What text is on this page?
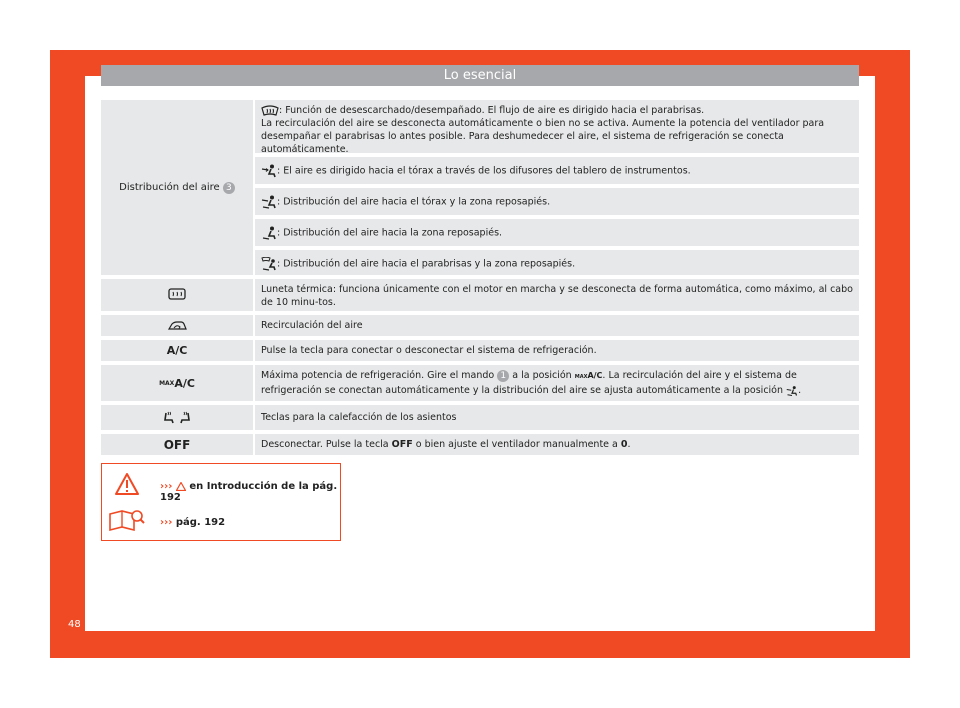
Lo esencial
Distribución del aire
3
: Función de desescarchado/desempañado. El flujo de aire es dirigido hacia el parabrisas.
La recirculación del aire se desconecta automáticamente o bien no se activa. Aumente la potencia del ventilador para desempañar el parabrisas lo antes posible. Para deshumedecer el aire, el sistema de refrigeración se conecta automáticamente.
: El aire es dirigido hacia el tórax a través de los difusores del tablero de instrumentos.
: Distribución del aire hacia el tórax y la zona reposapiés.
: Distribución del aire hacia la zona reposapiés.
: Distribución del aire hacia el parabrisas y la zona reposapiés.
Luneta térmica: funciona únicamente con el motor en marcha y se desconecta de forma automática, como máximo, al cabo de 10 minu-tos.
Recirculación del aire
A/C	Pulse la tecla para conectar o desconectar el sistema de refrigeración.
MAX A/C
Máxima potencia de refrigeración. Gire el mando 1 a la posición MAXA/C. La recirculación del aire y el sistema de refrigeración se conectan automáticamente y la distribución del aire se ajusta automáticamente a la posición .
Teclas para la calefacción de los asientos
OFF	Desconectar. Pulse la tecla OFF o bien ajuste el ventilador manualmente a 0.
››› en Introducción de la pág. 192
››› pág. 192
48
